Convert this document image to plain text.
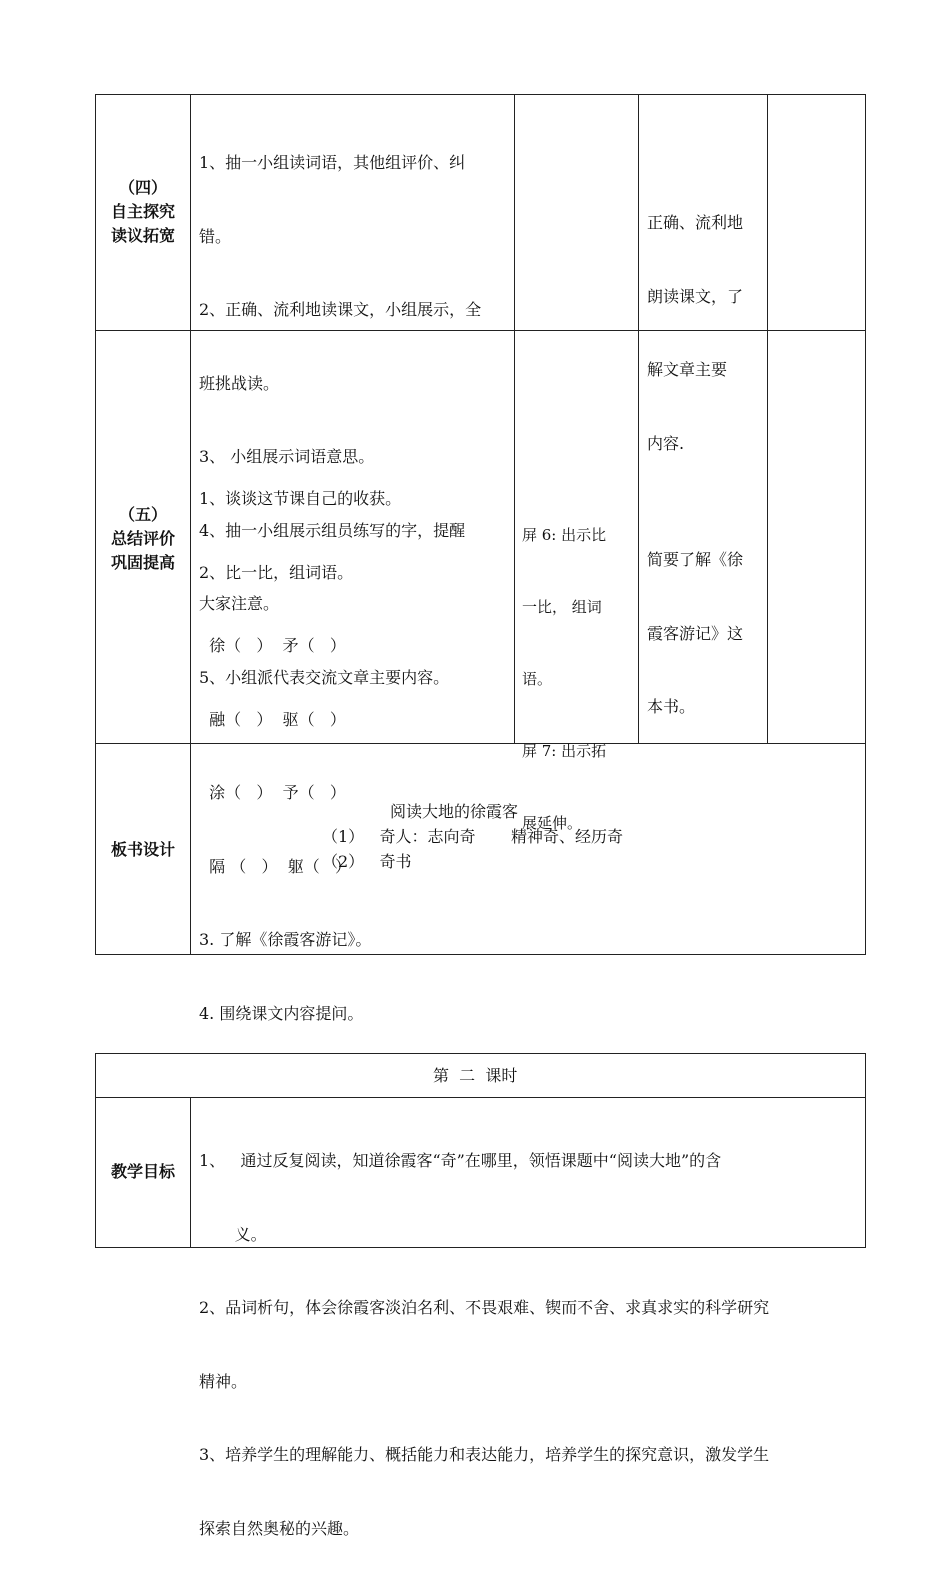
（四）
自主探究
读议拓宽

1、抽一小组读词语，其他组评价、纠

错。

2、正确、流利地读课文，小组展示，全

班挑战读。

3、 小组展示词语意思。

4、抽一小组展示组员练写的字，提醒

大家注意。

5、小组派代表交流文章主要内容。

正确、流利地

朗读课文，了

解文章主要

内容.

（五）
总结评价
巩固提高

1、谈谈这节课自己的收获。

2、比一比，组词语。

徐（   ）  矛（   ）

融（   ）  驱（   ）

涂（   ）  予（   ）

隔 （   ）  躯（   ）

3. 了解《徐霞客游记》。

4. 围绕课文内容提问。

屏 6: 出示比

一比， 组词

语。

屏 7: 出示拓

展延伸。

简要了解《徐

霞客游记》这

本书。

板书设计
阅读大地的徐霞客
（1）   奇人：志向奇       精神奇、经历奇
（2）   奇书
第  二  课时
教学目标

1、   通过反复阅读，知道徐霞客“奇”在哪里，领悟课题中“阅读大地”的含

义。

2、品词析句，体会徐霞客淡泊名利、不畏艰难、锲而不舍、求真求实的科学研究

精神。

3、培养学生的理解能力、概括能力和表达能力，培养学生的探究意识，激发学生

探索自然奥秘的兴趣。
